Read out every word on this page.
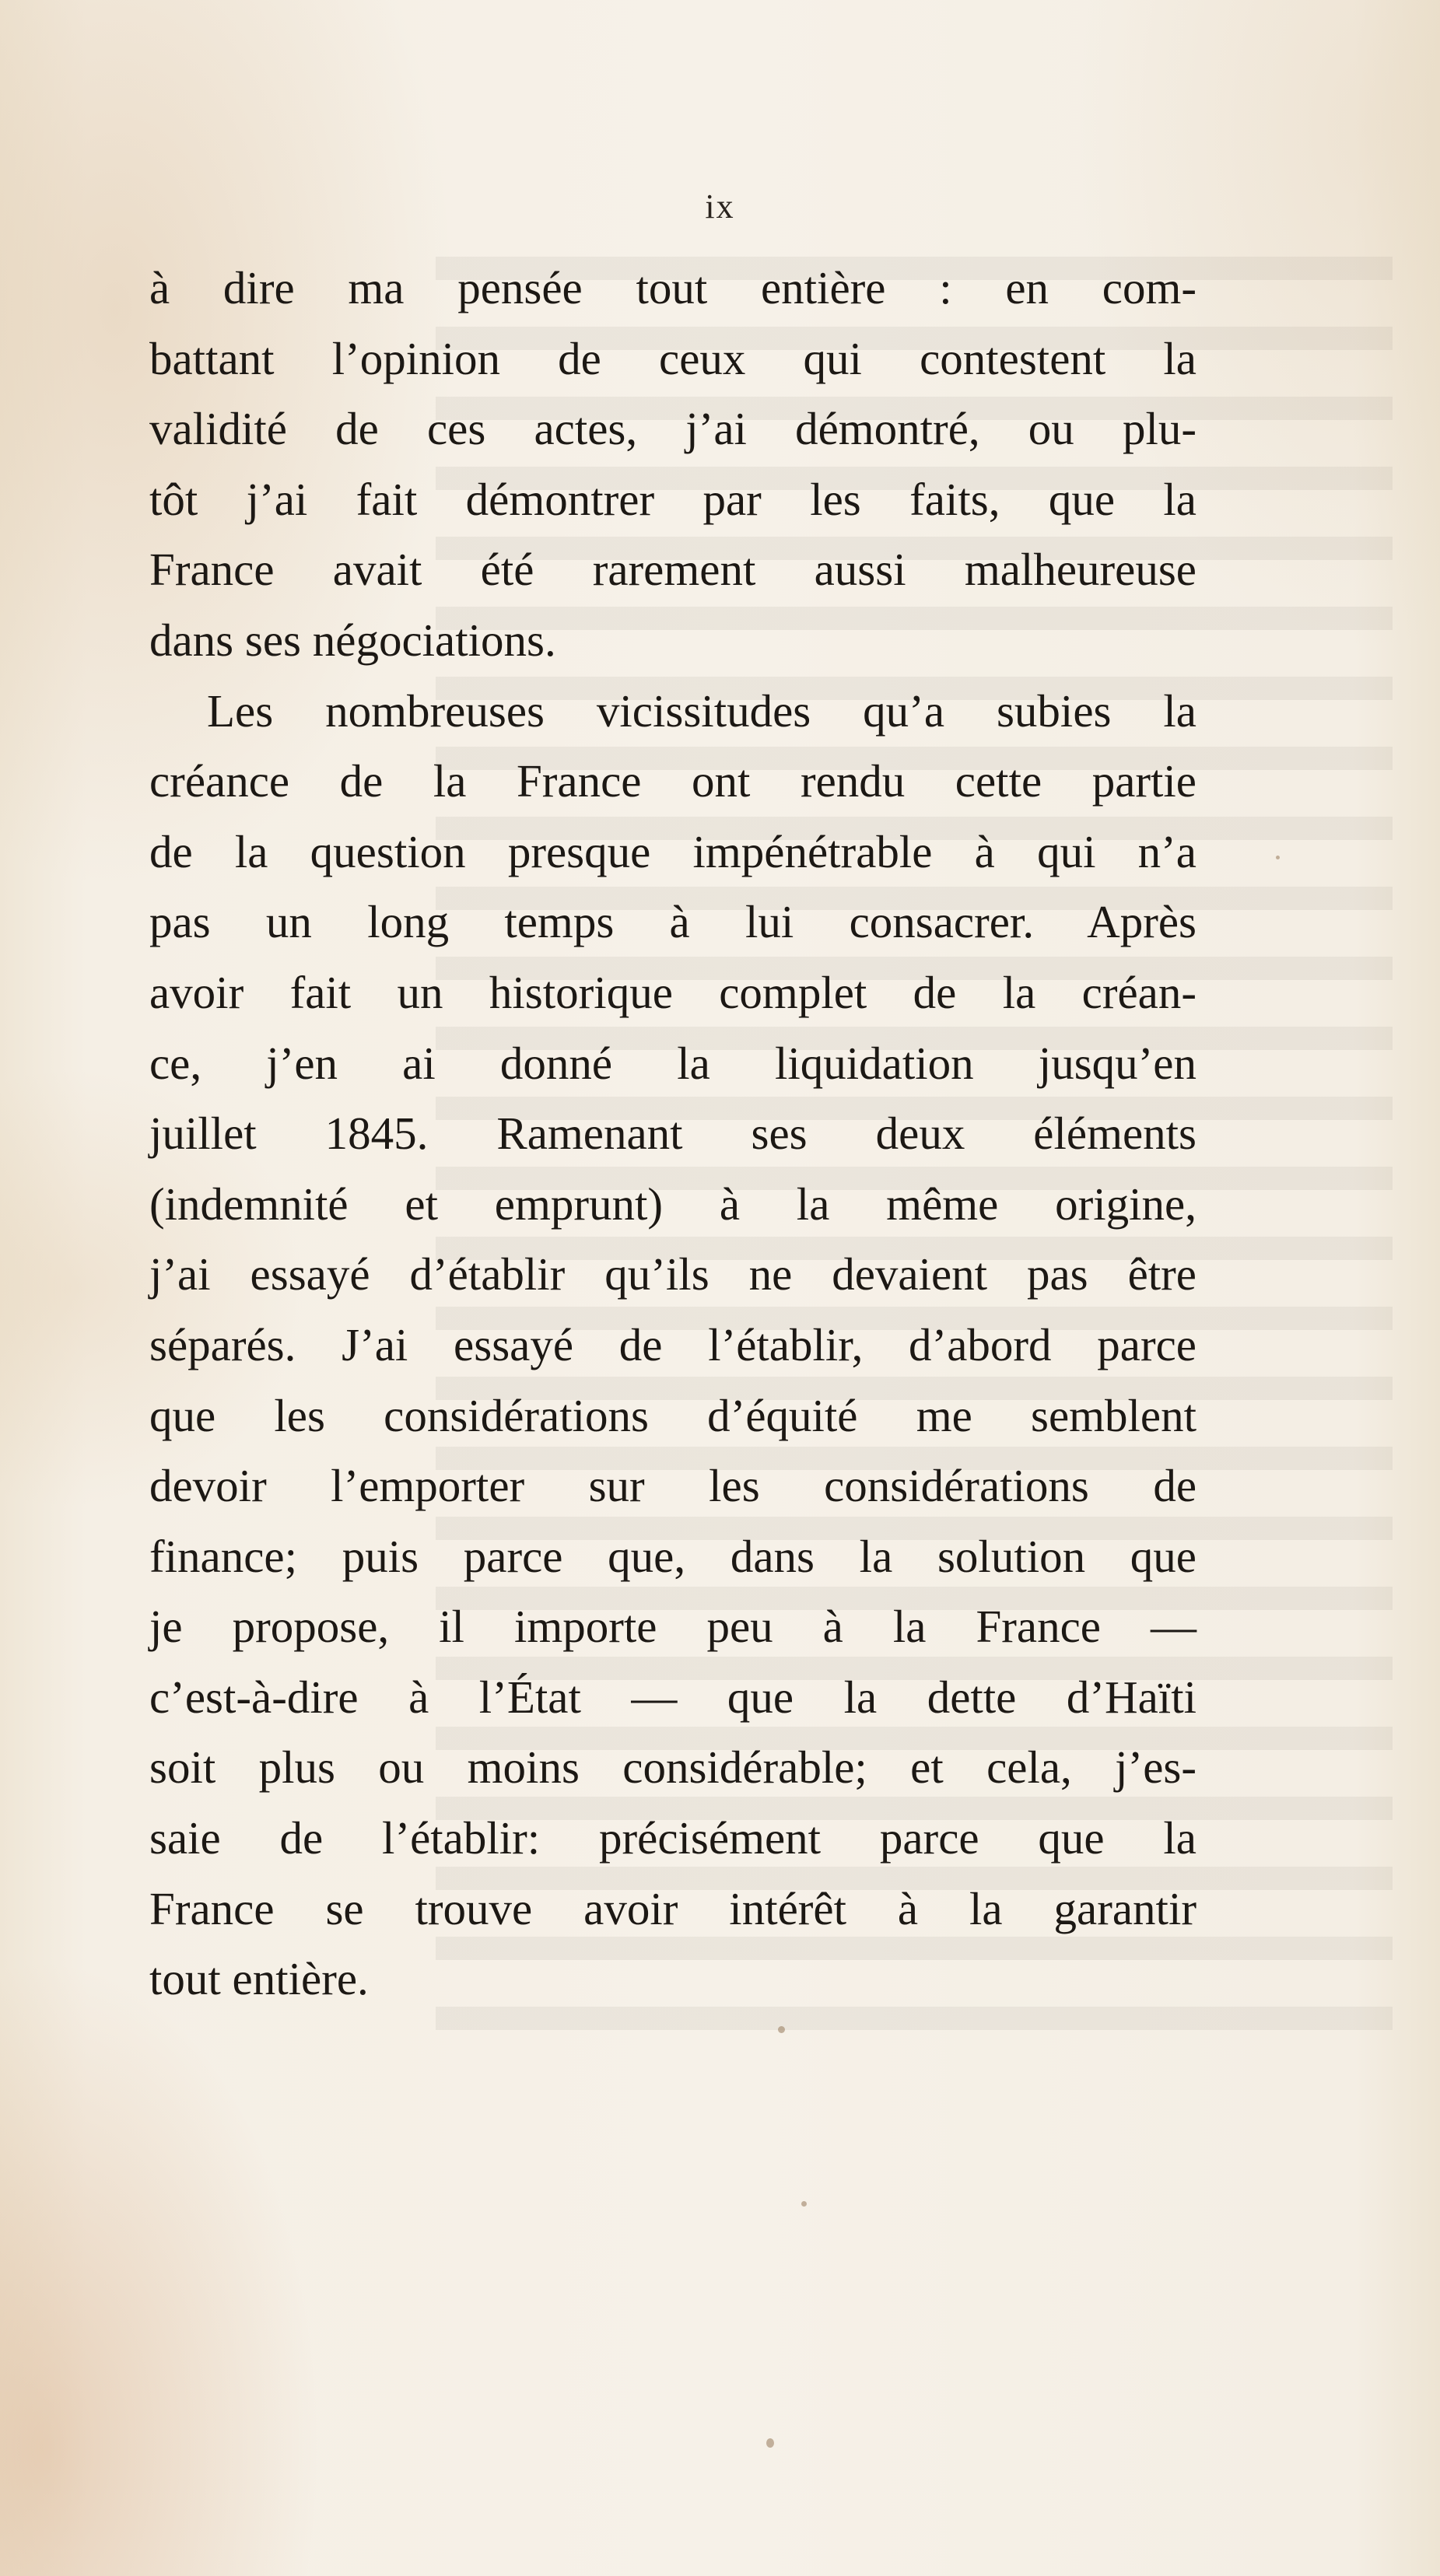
ix
à dire ma pensée tout entière : en com-
battant l’opinion de ceux qui contestent la
validité de ces actes, j’ai démontré, ou plu-
tôt j’ai fait démontrer par les faits, que la
France avait été rarement aussi malheureuse
dans ses négociations.
Les nombreuses vicissitudes qu’a subies la
créance de la France ont rendu cette partie
de la question presque impénétrable à qui n’a
pas un long temps à lui consacrer. Après
avoir fait un historique complet de la créan-
ce, j’en ai donné la liquidation jusqu’en
juillet 1845. Ramenant ses deux éléments
(indemnité et emprunt) à la même origine,
j’ai essayé d’établir qu’ils ne devaient pas être
séparés. J’ai essayé de l’établir, d’abord parce
que les considérations d’équité me semblent
devoir l’emporter sur les considérations de
finance; puis parce que, dans la solution que
je propose, il importe peu à la France —
c’est-à-dire à l’État — que la dette d’Haïti
soit plus ou moins considérable; et cela, j’es-
saie de l’établir: précisément parce que la
France se trouve avoir intérêt à la garantir
tout entière.
